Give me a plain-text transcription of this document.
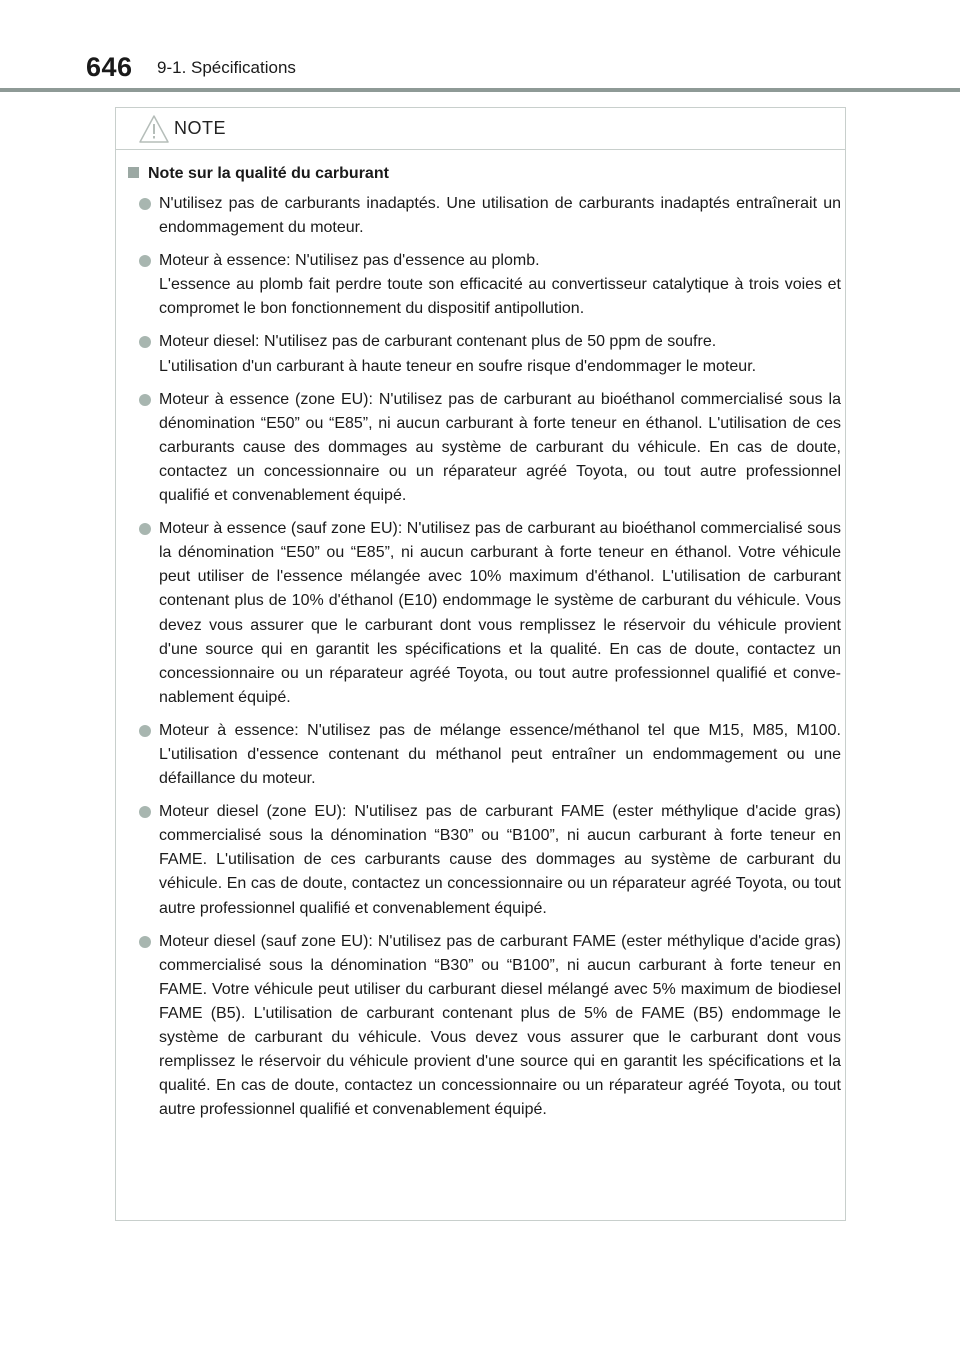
646 9-1. Spécifications
NOTE
Note sur la qualité du carburant
N'utilisez pas de carburants inadaptés. Une utilisation de carburants inadaptés entraînerait un endommagement du moteur.
Moteur à essence: N'utilisez pas d'essence au plomb.
L'essence au plomb fait perdre toute son efficacité au convertisseur catalytique à trois voies et compromet le bon fonctionnement du dispositif antipollution.
Moteur diesel: N'utilisez pas de carburant contenant plus de 50 ppm de soufre.
L'utilisation d'un carburant à haute teneur en soufre risque d'endommager le moteur.
Moteur à essence (zone EU): N'utilisez pas de carburant au bioéthanol commercialisé sous la dénomination “E50” ou “E85”, ni aucun carburant à forte teneur en éthanol. L'utilisation de ces carburants cause des dommages au système de carburant du véhicule. En cas de doute, contactez un concessionnaire ou un réparateur agréé Toyota, ou tout autre professionnel qualifié et convenablement équipé.
Moteur à essence (sauf zone EU): N'utilisez pas de carburant au bioéthanol commercialisé sous la dénomination “E50” ou “E85”, ni aucun carburant à forte teneur en éthanol. Votre véhicule peut utiliser de l'essence mélangée avec 10% maximum d'éthanol. L'utilisation de carburant contenant plus de 10% d'éthanol (E10) endommage le système de carburant du véhicule. Vous devez vous assurer que le carburant dont vous remplissez le réservoir du véhicule provient d'une source qui en garantit les spécifications et la qualité. En cas de doute, contactez un concessionnaire ou un réparateur agréé Toyota, ou tout autre professionnel qualifié et convenablement équipé.
Moteur à essence: N'utilisez pas de mélange essence/méthanol tel que M15, M85, M100. L'utilisation d'essence contenant du méthanol peut entraîner un endommagement ou une défaillance du moteur.
Moteur diesel (zone EU): N'utilisez pas de carburant FAME (ester méthylique d'acide gras) commercialisé sous la dénomination “B30” ou “B100”, ni aucun carburant à forte teneur en FAME. L'utilisation de ces carburants cause des dommages au système de carburant du véhicule. En cas de doute, contactez un concessionnaire ou un réparateur agréé Toyota, ou tout autre professionnel qualifié et convenablement équipé.
Moteur diesel (sauf zone EU): N'utilisez pas de carburant FAME (ester méthylique d'acide gras) commercialisé sous la dénomination “B30” ou “B100”, ni aucun carburant à forte teneur en FAME. Votre véhicule peut utiliser du carburant diesel mélangé avec 5% maximum de biodiesel FAME (B5). L'utilisation de carburant contenant plus de 5% de FAME (B5) endommage le système de carburant du véhicule. Vous devez vous assurer que le carburant dont vous remplissez le réservoir du véhicule provient d'une source qui en garantit les spécifications et la qualité. En cas de doute, contactez un concessionnaire ou un réparateur agréé Toyota, ou tout autre professionnel qualifié et convenablement équipé.
